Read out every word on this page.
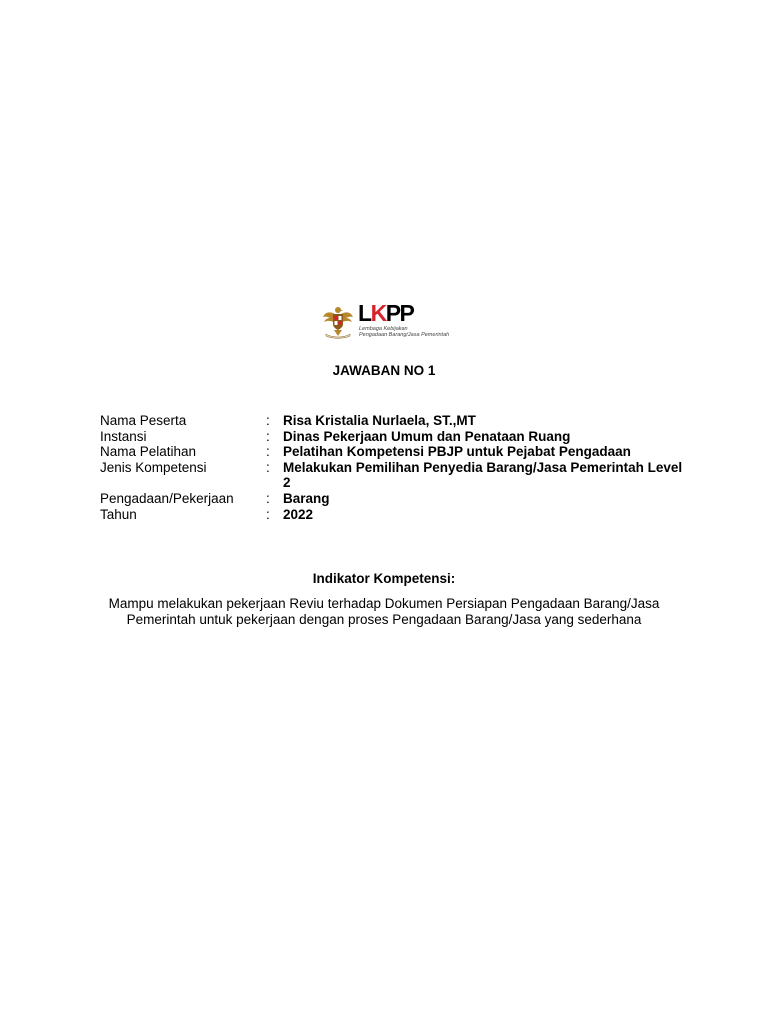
LKPP
Lembaga Kebijakan
Pengadaan Barang/Jasa Pemerintah
JAWABAN NO 1
Nama Peserta	: Risa Kristalia Nurlaela, ST.,MT
Instansi	: Dinas Pekerjaan Umum dan Penataan Ruang
Nama Pelatihan	: Pelatihan Kompetensi PBJP untuk Pejabat Pengadaan
Jenis Kompetensi	: Melakukan Pemilihan Penyedia Barang/Jasa Pemerintah Level 2
Pengadaan/Pekerjaan : Barang
Tahun	: 2022
Indikator Kompetensi:
Mampu melakukan pekerjaan Reviu terhadap Dokumen Persiapan Pengadaan Barang/Jasa Pemerintah untuk pekerjaan dengan proses Pengadaan Barang/Jasa yang sederhana
